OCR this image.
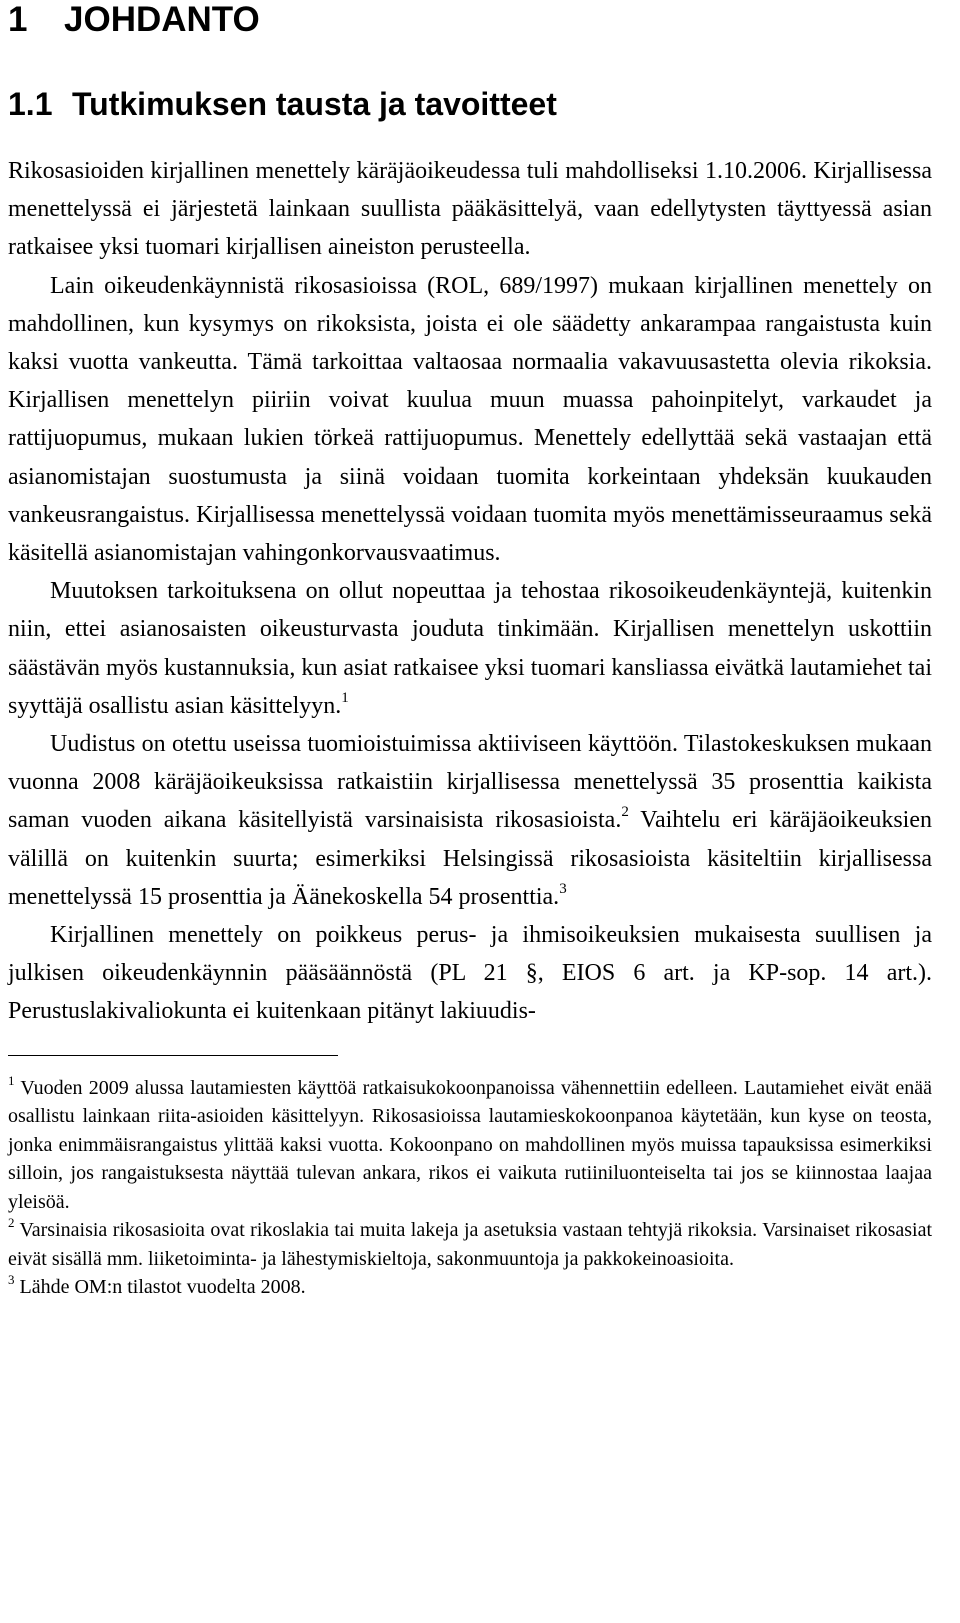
1 JOHDANTO
1.1 Tutkimuksen tausta ja tavoitteet

Rikosasioiden kirjallinen menettely käräjäoikeudessa tuli mahdolliseksi 1.10.2006. Kirjallisessa menettelyssä ei järjestetä lainkaan suullista pääkäsittelyä, vaan edellytysten täyttyessä asian ratkaisee yksi tuomari kirjallisen aineiston perusteella.

Lain oikeudenkäynnistä rikosasioissa (ROL, 689/1997) mukaan kirjallinen menettely on mahdollinen, kun kysymys on rikoksista, joista ei ole säädetty ankarampaa rangaistusta kuin kaksi vuotta vankeutta. Tämä tarkoittaa valtaosaa normaalia vakavuusastetta olevia rikoksia. Kirjallisen menettelyn piiriin voivat kuulua muun muassa pahoinpitelyt, varkaudet ja rattijuopumus, mukaan lukien törkeä rattijuopumus. Menettely edellyttää sekä vastaajan että asianomistajan suostumusta ja siinä voidaan tuomita korkeintaan yhdeksän kuukauden vankeusrangaistus. Kirjallisessa menettelyssä voidaan tuomita myös menettämisseuraamus sekä käsitellä asianomistajan vahingonkorvausvaatimus.

Muutoksen tarkoituksena on ollut nopeuttaa ja tehostaa rikosoikeudenkäyntejä, kuitenkin niin, ettei asianosaisten oikeusturvasta jouduta tinkimään. Kirjallisen menettelyn uskottiin säästävän myös kustannuksia, kun asiat ratkaisee yksi tuomari kansliassa eivätkä lautamiehet tai syyttäjä osallistu asian käsittelyyn.$^1$

Uudistus on otettu useissa tuomioistuimissa aktiiviseen käyttöön. Tilastokeskuksen mukaan vuonna 2008 käräjäoikeuksissa ratkaistiin kirjallisessa menettelyssä 35 prosenttia kaikista saman vuoden aikana käsitellyistä varsinaisista rikosasioista.$^2$ Vaihtelu eri käräjäoikeuksien välillä on kuitenkin suurta; esimerkiksi Helsingissä rikosasioista käsiteltiin kirjallisessa menettelyssä 15 prosenttia ja Äänekoskella 54 prosenttia.$^3$

Kirjallinen menettely on poikkeus perus- ja ihmisoikeuksien mukaisesta suullisen ja julkisen oikeudenkäynnin pääsäännöstä (PL 21 §, EIOS 6 art. ja KP-sop. 14 art.). Perustuslakivaliokunta ei kuitenkaan pitänyt lakiuudis-

$^1$ Vuoden 2009 alussa lautamiesten käyttöä ratkaisukokoonpanoissa vähennettiin edelleen. Lautamiehet eivät enää osallistu lainkaan riita-asioiden käsittelyyn. Rikosasioissa lautamieskokoonpanoa käytetään, kun kyse on teosta, jonka enimmäisrangaistus ylittää kaksi vuotta. Kokoonpano on mahdollinen myös muissa tapauksissa esimerkiksi silloin, jos rangaistuksesta näyttää tulevan ankara, rikos ei vaikuta rutiiniluonteiselta tai jos se kiinnostaa laajaa yleisöä.

$^2$ Varsinaisia rikosasioita ovat rikoslakia tai muita lakeja ja asetuksia vastaan tehtyjä rikoksia. Varsinaiset rikosasiat eivät sisällä mm. liiketoiminta- ja lähestymiskieltoja, sakonmuuntoja ja pakkokeinoasioita.

$^3$ Lähde OM:n tilastot vuodelta 2008.
